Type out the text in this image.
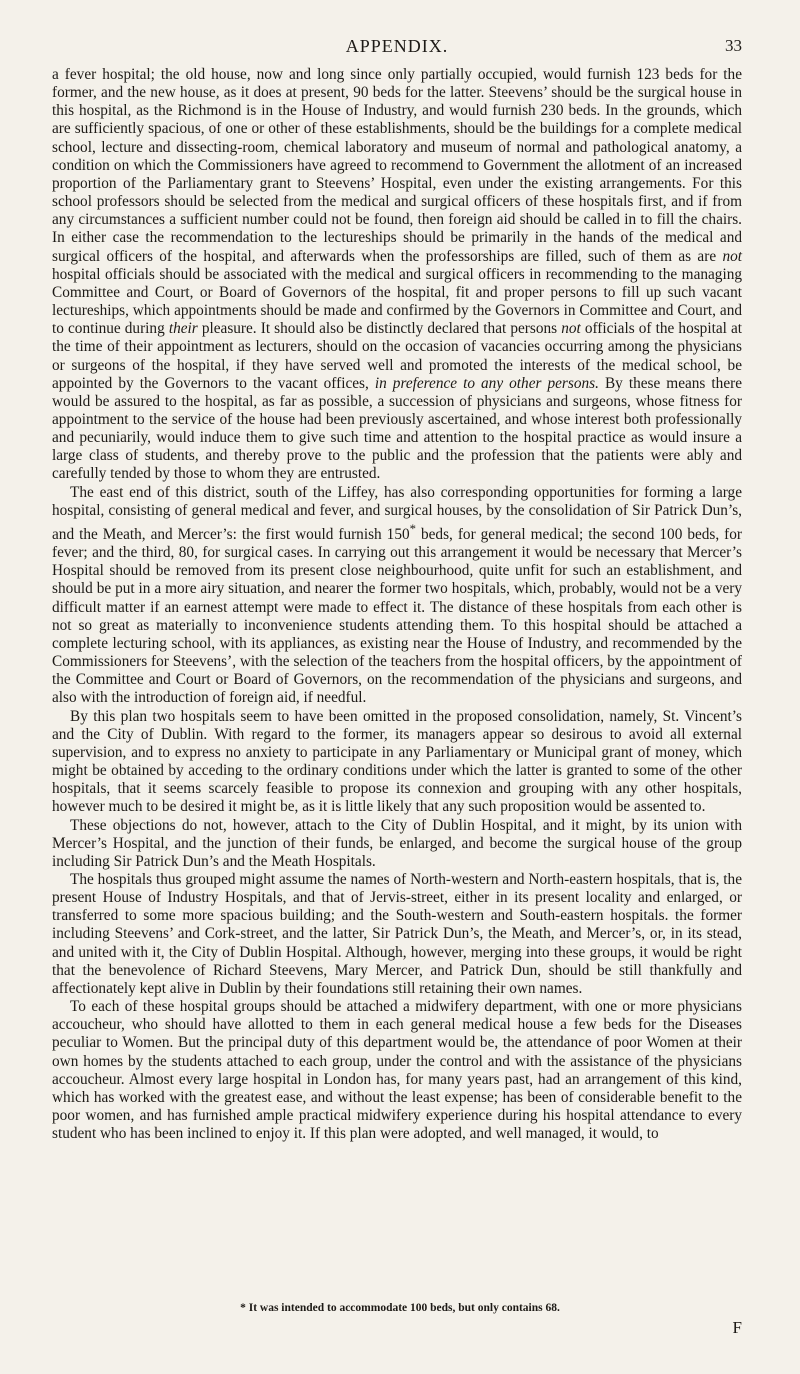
APPENDIX.	33

a fever hospital; the old house, now and long since only partially occupied, would furnish 123 beds for the former, and the new house, as it does at present, 90 beds for the latter. Steevens’ should be the surgical house in this hospital, as the Richmond is in the House of Industry, and would furnish 230 beds. In the grounds, which are sufficiently spacious, of one or other of these establishments, should be the buildings for a complete medical school, lecture and dissecting-room, chemical laboratory and museum of normal and pathological anatomy, a condition on which the Commissioners have agreed to recommend to Government the allotment of an increased proportion of the Parliamentary grant to Steevens’ Hospital, even under the existing arrangements. For this school professors should be selected from the medical and surgical officers of these hospitals first, and if from any circumstances a sufficient number could not be found, then foreign aid should be called in to fill the chairs. In either case the recommendation to the lectureships should be primarily in the hands of the medical and surgical officers of the hospital, and afterwards when the professorships are filled, such of them as are not hospital officials should be associated with the medical and surgical officers in recommending to the managing Committee and Court, or Board of Governors of the hospital, fit and proper persons to fill up such vacant lectureships, which appointments should be made and confirmed by the Governors in Committee and Court, and to continue during their pleasure. It should also be distinctly declared that persons not officials of the hospital at the time of their appointment as lecturers, should on the occasion of vacancies occurring among the physicians or surgeons of the hospital, if they have served well and promoted the interests of the medical school, be appointed by the Governors to the vacant offices, in preference to any other persons. By these means there would be assured to the hospital, as far as possible, a succession of physicians and surgeons, whose fitness for appointment to the service of the house had been previously ascertained, and whose interest both professionally and pecuniarily, would induce them to give such time and attention to the hospital practice as would insure a large class of students, and thereby prove to the public and the profession that the patients were ably and carefully tended by those to whom they are entrusted.

The east end of this district, south of the Liffey, has also corresponding opportunities for forming a large hospital, consisting of general medical and fever, and surgical houses, by the consolidation of Sir Patrick Dun’s, and the Meath, and Mercer’s: the first would furnish 150* beds, for general medical; the second 100 beds, for fever; and the third, 80, for surgical cases. In carrying out this arrangement it would be necessary that Mercer’s Hospital should be removed from its present close neighbourhood, quite unfit for such an establishment, and should be put in a more airy situation, and nearer the former two hospitals, which, probably, would not be a very difficult matter if an earnest attempt were made to effect it. The distance of these hospitals from each other is not so great as materially to inconvenience students attending them. To this hospital should be attached a complete lecturing school, with its appliances, as existing near the House of Industry, and recommended by the Commissioners for Steevens’, with the selection of the teachers from the hospital officers, by the appointment of the Committee and Court or Board of Governors, on the recommendation of the physicians and surgeons, and also with the introduction of foreign aid, if needful.

By this plan two hospitals seem to have been omitted in the proposed consolidation, namely, St. Vincent’s and the City of Dublin. With regard to the former, its managers appear so desirous to avoid all external supervision, and to express no anxiety to participate in any Parliamentary or Municipal grant of money, which might be obtained by acceding to the ordinary conditions under which the latter is granted to some of the other hospitals, that it seems scarcely feasible to propose its connexion and grouping with any other hospitals, however much to be desired it might be, as it is little likely that any such proposition would be assented to.

These objections do not, however, attach to the City of Dublin Hospital, and it might, by its union with Mercer’s Hospital, and the junction of their funds, be enlarged, and become the surgical house of the group including Sir Patrick Dun’s and the Meath Hospitals.

The hospitals thus grouped might assume the names of North-western and North-eastern hospitals, that is, the present House of Industry Hospitals, and that of Jervis-street, either in its present locality and enlarged, or transferred to some more spacious building; and the South-western and South-eastern hospitals. the former including Steevens’ and Cork-street, and the latter, Sir Patrick Dun’s, the Meath, and Mercer’s, or, in its stead, and united with it, the City of Dublin Hospital. Although, however, merging into these groups, it would be right that the benevolence of Richard Steevens, Mary Mercer, and Patrick Dun, should be still thankfully and affectionately kept alive in Dublin by their foundations still retaining their own names.

To each of these hospital groups should be attached a midwifery department, with one or more physicians accoucheur, who should have allotted to them in each general medical house a few beds for the Diseases peculiar to Women. But the principal duty of this department would be, the attendance of poor Women at their own homes by the students attached to each group, under the control and with the assistance of the physicians accoucheur. Almost every large hospital in London has, for many years past, had an arrangement of this kind, which has worked with the greatest ease, and without the least expense; has been of considerable benefit to the poor women, and has furnished ample practical midwifery experience during his hospital attendance to every student who has been inclined to enjoy it. If this plan were adopted, and well managed, it would, to

* It was intended to accommodate 100 beds, but only contains 68.
F
